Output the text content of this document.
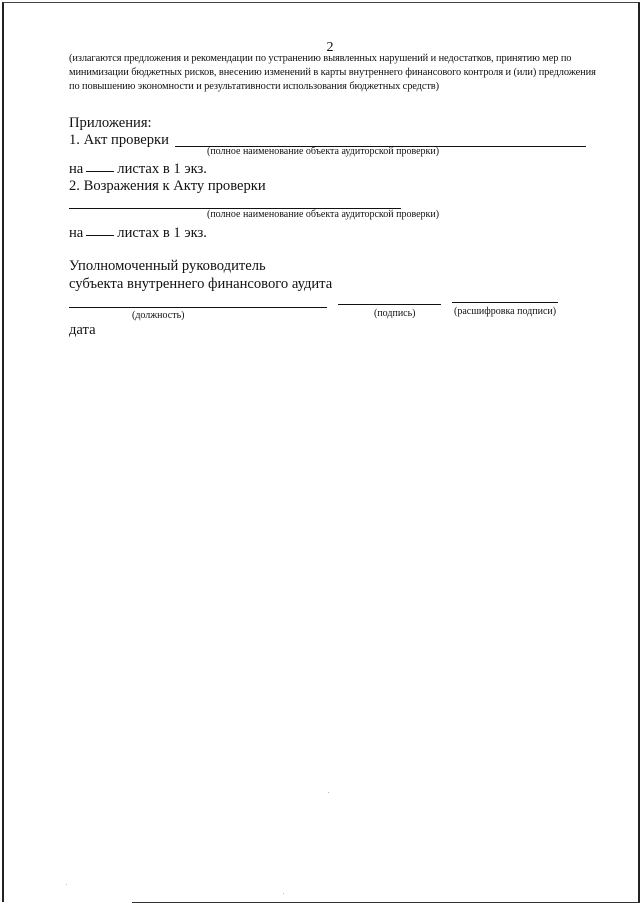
2
(излагаются предложения и рекомендации по устранению выявленных нарушений и недостатков, принятию мер по минимизации бюджетных рисков, внесению изменений в карты внутреннего финансового контроля и (или) предложения по повышению экономности и результативности использования бюджетных средств)
Приложения:
1. Акт проверки
(полное наименование объекта аудиторской проверки)
на листах в 1 экз.
2. Возражения к Акту проверки
(полное наименование объекта аудиторской проверки)
на листах в 1 экз.
Уполномоченный руководитель
субъекта внутреннего финансового аудита
(должность)	(подпись)	(расшифровка подписи)
дата
